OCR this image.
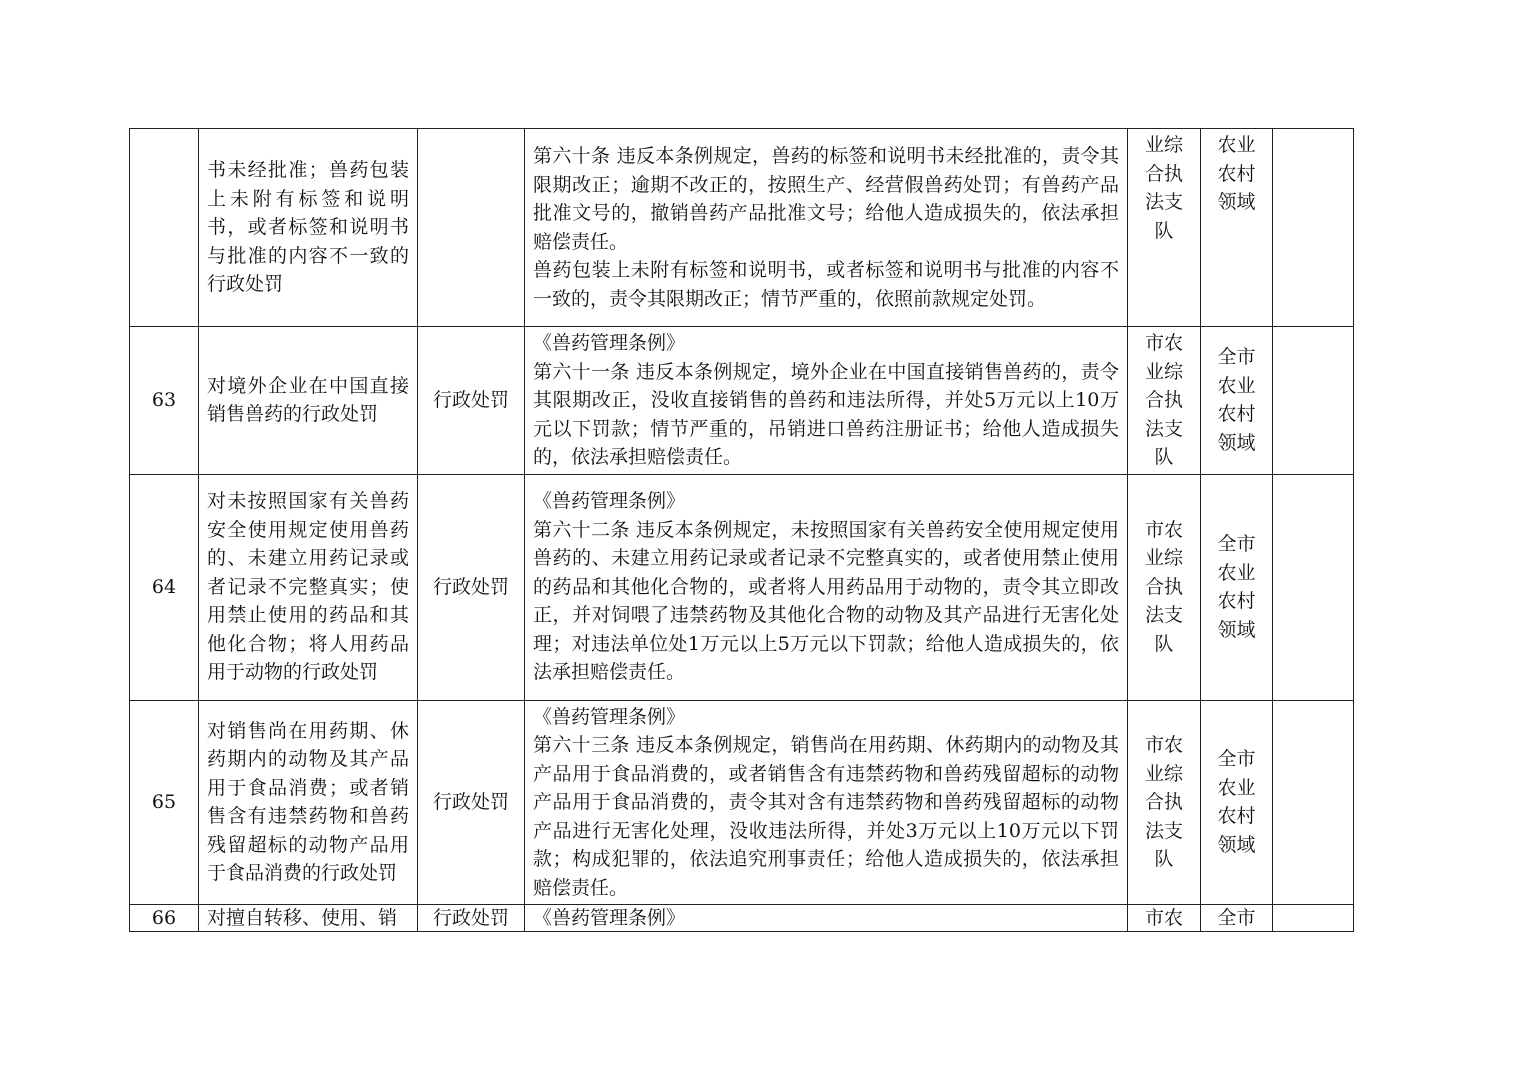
	书未经批准；兽药包装上未附有标签和说明书，或者标签和说明书与批准的内容不一致的行政处罚		第六十条 违反本条例规定，兽药的标签和说明书未经批准的，责令其限期改正；逾期不改正的，按照生产、经营假兽药处罚；有兽药产品批准文号的，撤销兽药产品批准文号；给他人造成损失的，依法承担赔偿责任。
兽药包装上未附有标签和说明书，或者标签和说明书与批准的内容不一致的，责令其限期改正；情节严重的，依照前款规定处罚。	业综
合执
法支
队	农业
农村
领域	

63	对境外企业在中国直接销售兽药的行政处罚	行政处罚	《兽药管理条例》
第六十一条 违反本条例规定，境外企业在中国直接销售兽药的，责令其限期改正，没收直接销售的兽药和违法所得，并处5万元以上10万元以下罚款；情节严重的，吊销进口兽药注册证书；给他人造成损失的，依法承担赔偿责任。	市农
业综
合执
法支
队	全市
农业
农村
领域	

64	对未按照国家有关兽药安全使用规定使用兽药的、未建立用药记录或者记录不完整真实；使用禁止使用的药品和其他化合物；将人用药品用于动物的行政处罚	行政处罚	《兽药管理条例》
第六十二条 违反本条例规定，未按照国家有关兽药安全使用规定使用兽药的、未建立用药记录或者记录不完整真实的，或者使用禁止使用的药品和其他化合物的，或者将人用药品用于动物的，责令其立即改正，并对饲喂了违禁药物及其他化合物的动物及其产品进行无害化处理；对违法单位处1万元以上5万元以下罚款；给他人造成损失的，依法承担赔偿责任。	市农
业综
合执
法支
队	全市
农业
农村
领域	

65	对销售尚在用药期、休药期内的动物及其产品用于食品消费；或者销售含有违禁药物和兽药残留超标的动物产品用于食品消费的行政处罚	行政处罚	《兽药管理条例》
第六十三条 违反本条例规定，销售尚在用药期、休药期内的动物及其产品用于食品消费的，或者销售含有违禁药物和兽药残留超标的动物产品用于食品消费的，责令其对含有违禁药物和兽药残留超标的动物产品进行无害化处理，没收违法所得，并处3万元以上10万元以下罚款；构成犯罪的，依法追究刑事责任；给他人造成损失的，依法承担赔偿责任。	市农
业综
合执
法支
队	全市
农业
农村
领域	

66	对擅自转移、使用、销	行政处罚	《兽药管理条例》	市农	全市	
